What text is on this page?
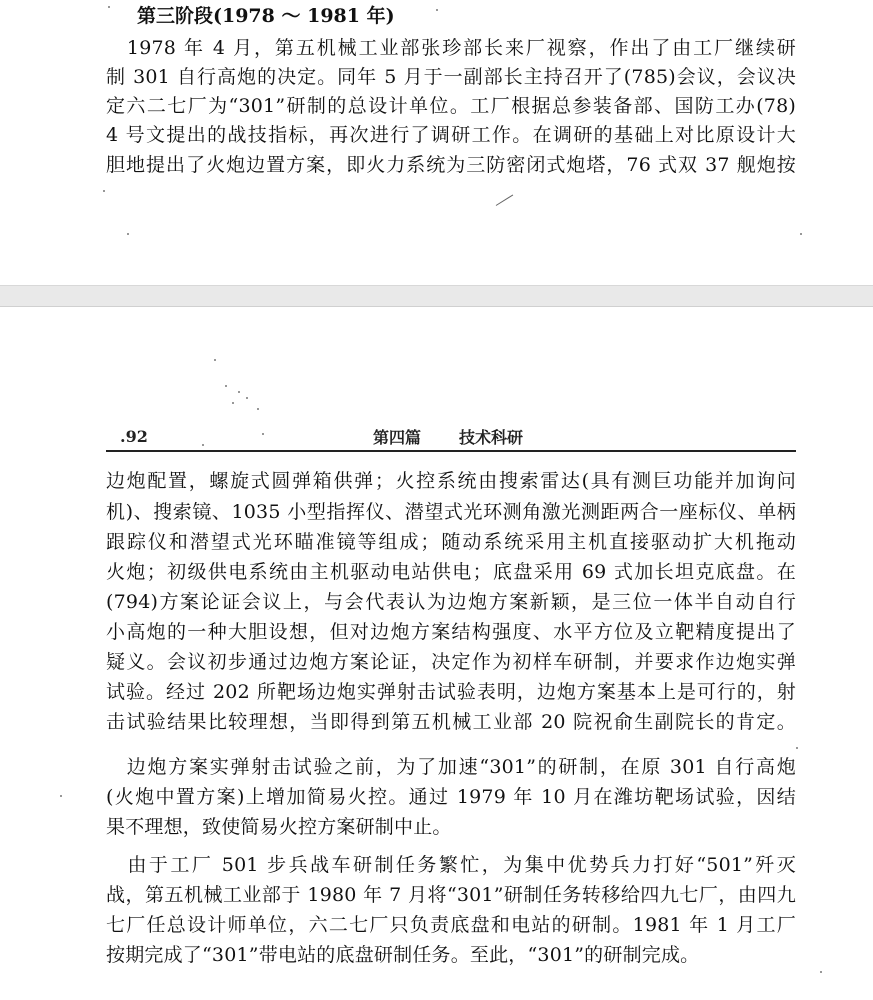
第三阶段(1978 ～ 1981 年)

　1978 年 4 月，第五机械工业部张珍部长来厂视察，作出了由工厂继续研

制 301 自行高炮的决定。同年 5 月于一副部长主持召开了(785)会议，会议决

定六二七厂为“301”研制的总设计单位。工厂根据总参装备部、国防工办(78)

4 号文提出的战技指标，再次进行了调研工作。在调研的基础上对比原设计大

胆地提出了火炮边置方案，即火力系统为三防密闭式炮塔，76 式双 37 舰炮按

.92	第四篇 技术科研

边炮配置，螺旋式圆弹箱供弹；火控系统由搜索雷达(具有测巨功能并加询问

机)、搜索镜、1035 小型指挥仪、潜望式光环测角激光测距两合一座标仪、单柄

跟踪仪和潜望式光环瞄准镜等组成；随动系统采用主机直接驱动扩大机拖动

火炮；初级供电系统由主机驱动电站供电；底盘采用 69 式加长坦克底盘。在

(794)方案论证会议上，与会代表认为边炮方案新颖，是三位一体半自动自行

小高炮的一种大胆设想，但对边炮方案结构强度、水平方位及立靶精度提出了

疑义。会议初步通过边炮方案论证，决定作为初样车研制，并要求作边炮实弹

试验。经过 202 所靶场边炮实弹射击试验表明，边炮方案基本上是可行的，射

击试验结果比较理想，当即得到第五机械工业部 20 院祝俞生副院长的肯定。

　边炮方案实弹射击试验之前，为了加速“301”的研制，在原 301 自行高炮

(火炮中置方案)上增加简易火控。通过 1979 年 10 月在潍坊靶场试验，因结

果不理想，致使简易火控方案研制中止。

　由于工厂 501 步兵战车研制任务繁忙，为集中优势兵力打好“501”歼灭

战，第五机械工业部于 1980 年 7 月将“301”研制任务转移给四九七厂，由四九

七厂任总设计师单位，六二七厂只负责底盘和电站的研制。1981 年 1 月工厂

按期完成了“301”带电站的底盘研制任务。至此，“301”的研制完成。
